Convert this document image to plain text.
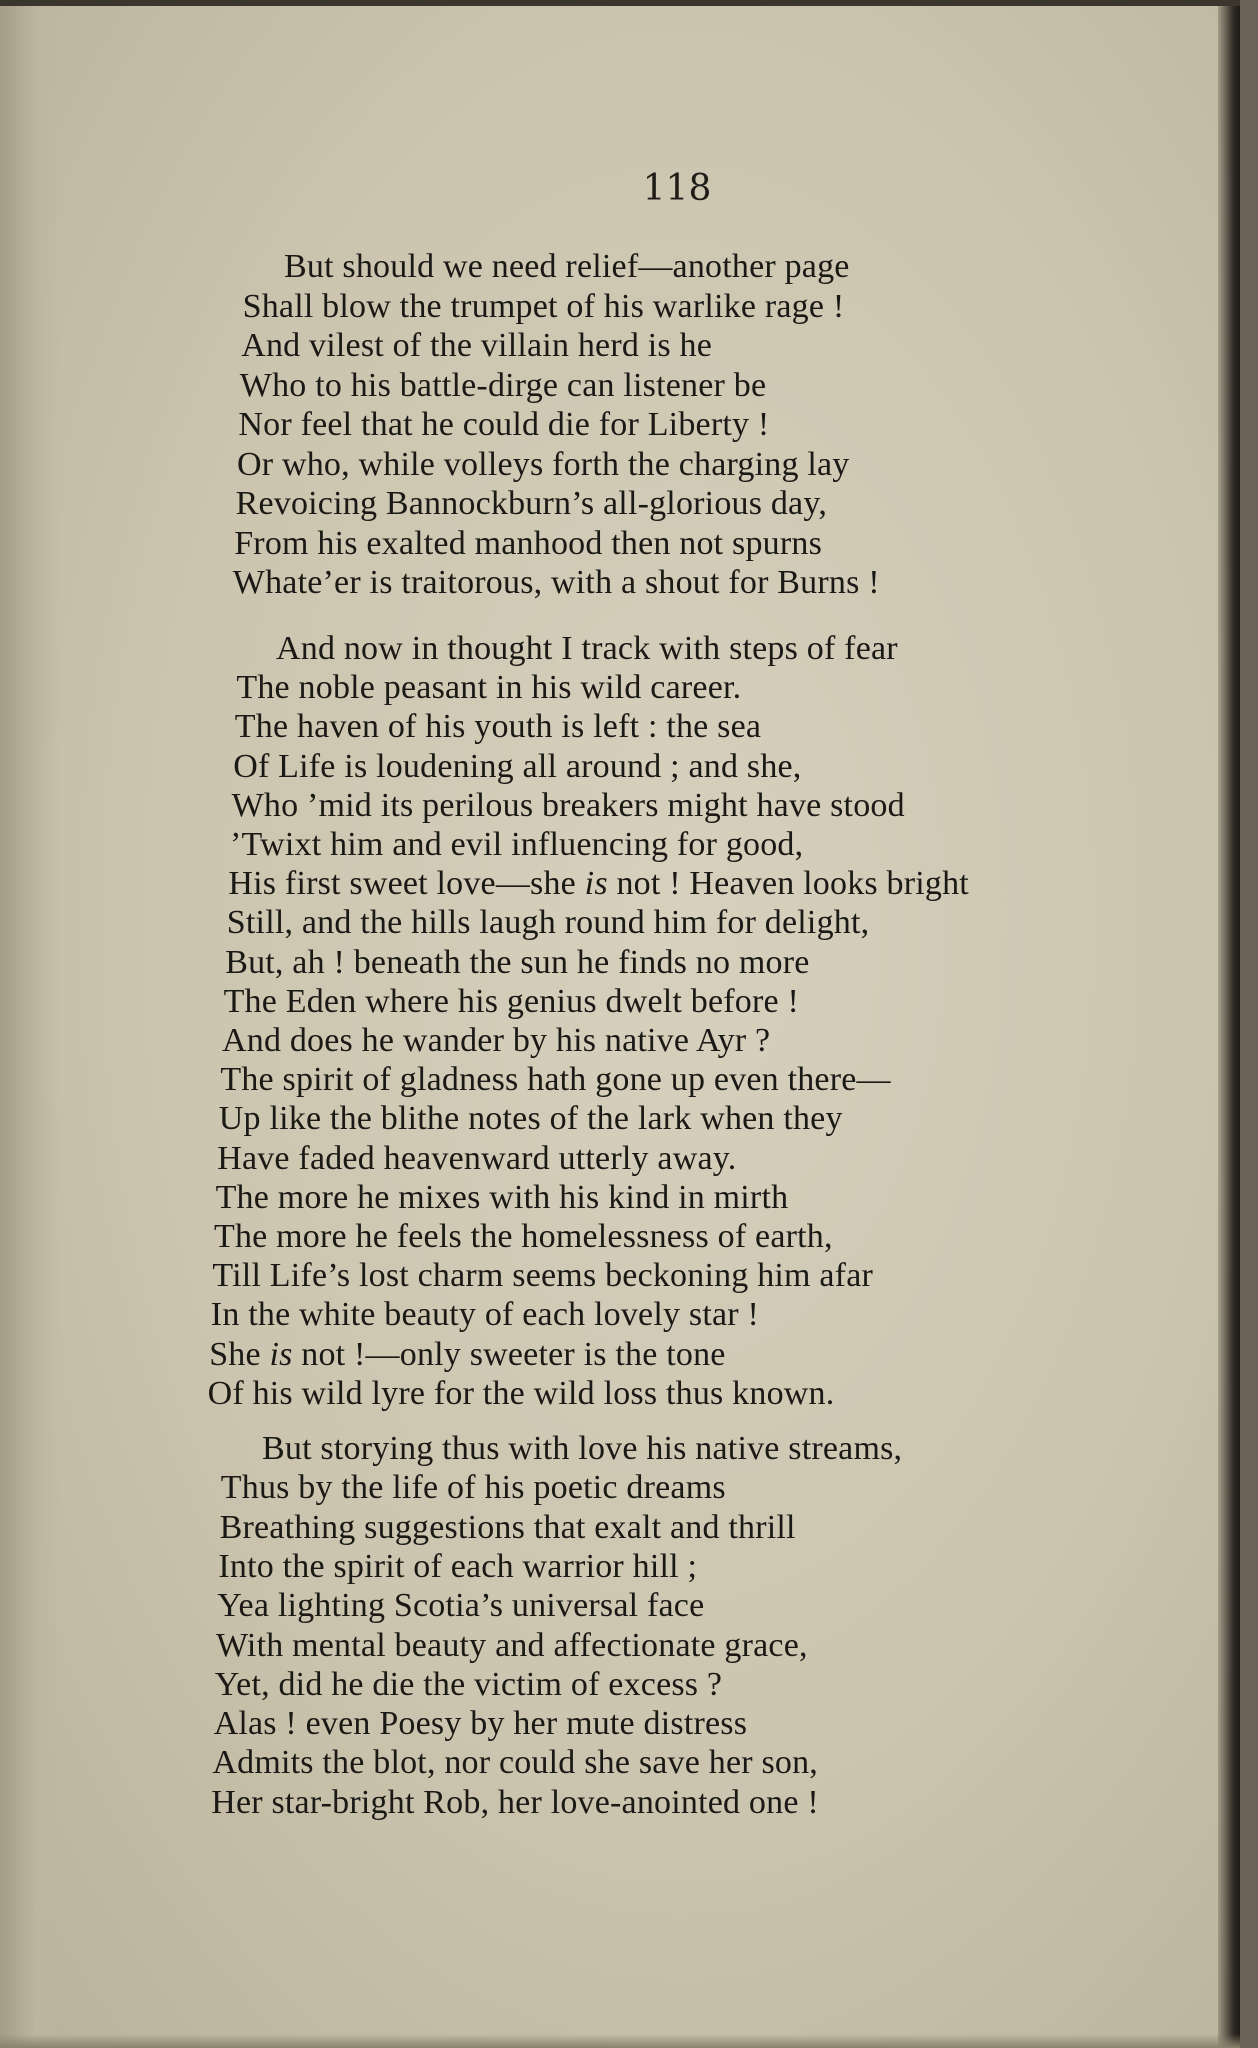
118
But should we need relief—another page
Shall blow the trumpet of his warlike rage !
And vilest of the villain herd is he
Who to his battle-dirge can listener be
Nor feel that he could die for Liberty !
Or who, while volleys forth the charging lay
Revoicing Bannockburn’s all-glorious day,
From his exalted manhood then not spurns
Whate’er is traitorous, with a shout for Burns !
And now in thought I track with steps of fear
The noble peasant in his wild career.
The haven of his youth is left : the sea
Of Life is loudening all around ; and she,
Who ’mid its perilous breakers might have stood
’Twixt him and evil influencing for good,
His first sweet love—she is not ! Heaven looks bright
Still, and the hills laugh round him for delight,
But, ah ! beneath the sun he finds no more
The Eden where his genius dwelt before !
And does he wander by his native Ayr ?
The spirit of gladness hath gone up even there—
Up like the blithe notes of the lark when they
Have faded heavenward utterly away.
The more he mixes with his kind in mirth
The more he feels the homelessness of earth,
Till Life’s lost charm seems beckoning him afar
In the white beauty of each lovely star !
She is not !—only sweeter is the tone
Of his wild lyre for the wild loss thus known.
But storying thus with love his native streams,
Thus by the life of his poetic dreams
Breathing suggestions that exalt and thrill
Into the spirit of each warrior hill ;
Yea lighting Scotia’s universal face
With mental beauty and affectionate grace,
Yet, did he die the victim of excess ?
Alas ! even Poesy by her mute distress
Admits the blot, nor could she save her son,
Her star-bright Rob, her love-anointed one !
